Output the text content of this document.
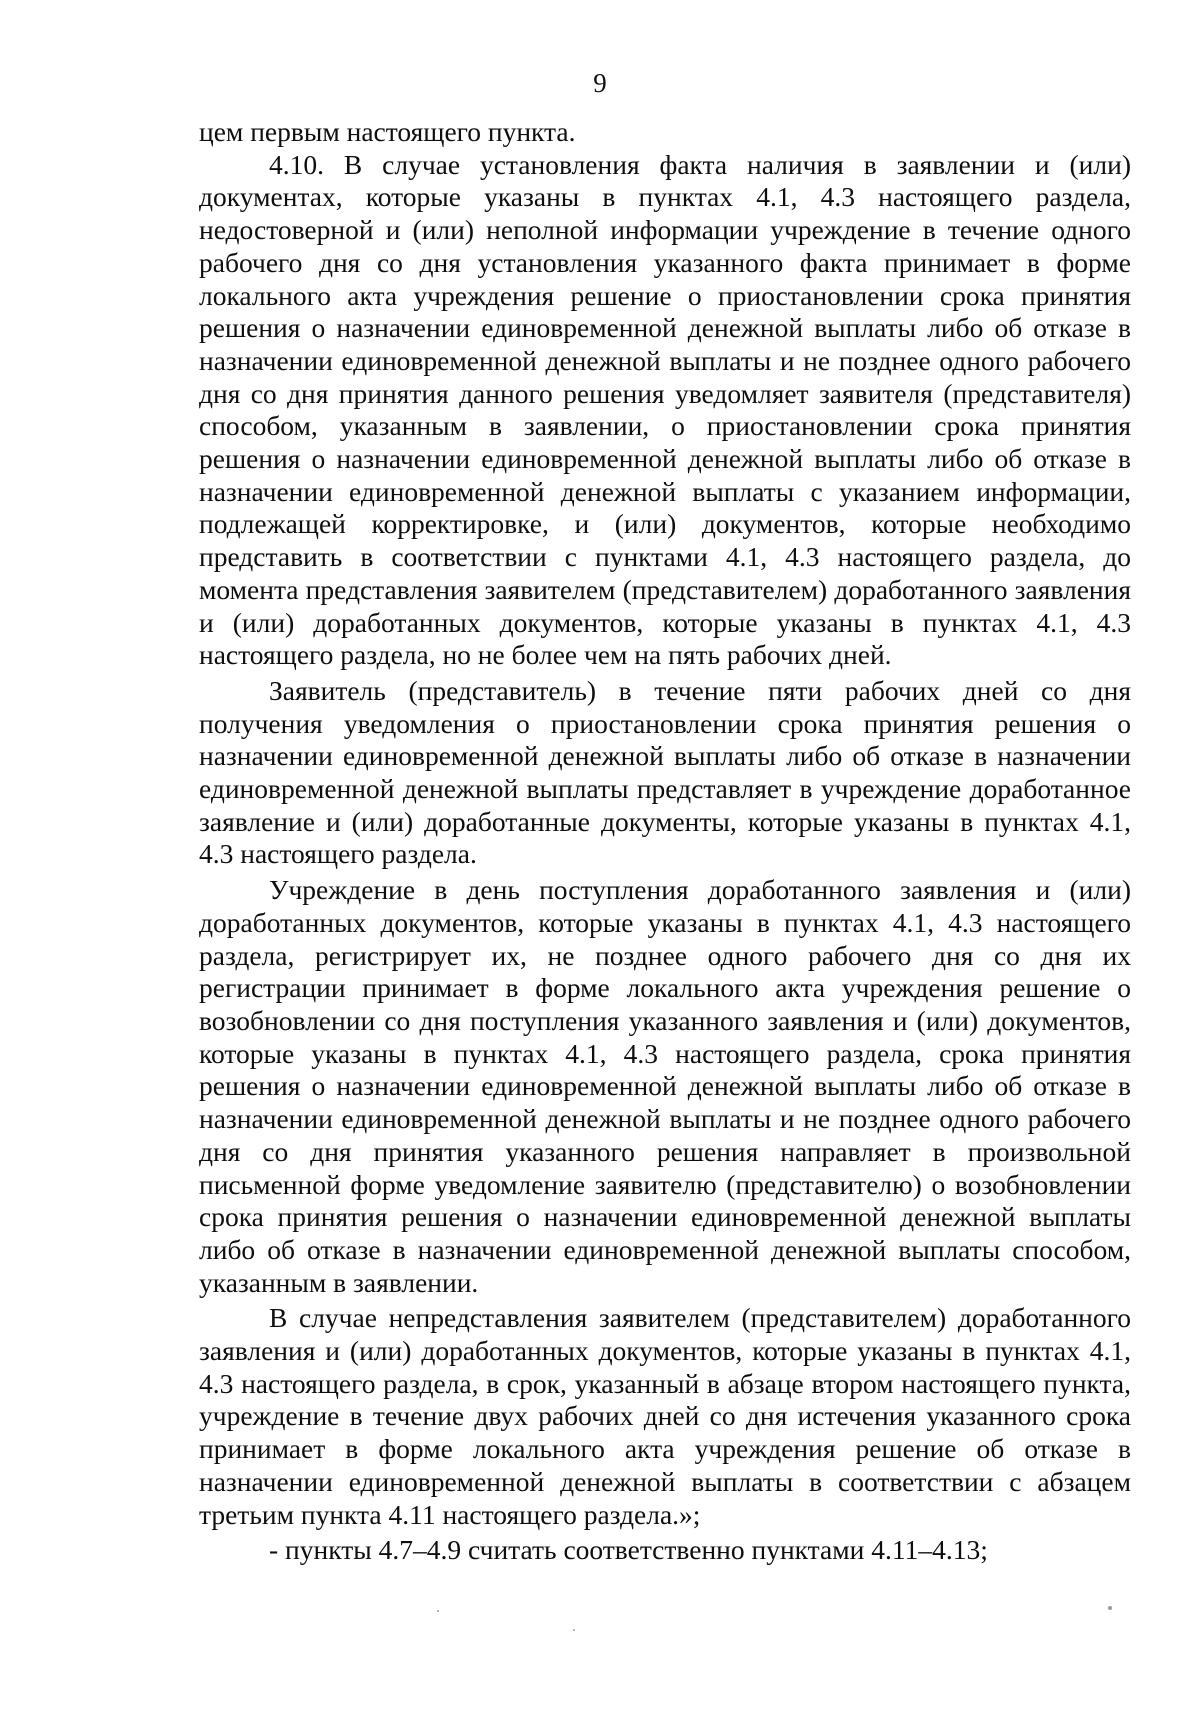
9

цем первым настоящего пункта.

4.10. В случае установления факта наличия в заявлении и (или) документах, которые указаны в пунктах 4.1, 4.3 настоящего раздела, недостоверной и (или) неполной информации учреждение в течение одного рабочего дня со дня установления указанного факта принимает в форме локального акта учреждения решение о приостановлении срока принятия решения о назначении единовременной денежной выплаты либо об отказе в назначении единовременной денежной выплаты и не позднее одного рабочего дня со дня принятия данного решения уведомляет заявителя (представителя) способом, указанным в заявлении, о приостановлении срока принятия решения о назначении единовременной денежной выплаты либо об отказе в назначении единовременной денежной выплаты с указанием информации, подлежащей корректировке, и (или) документов, которые необходимо представить в соответствии с пунктами 4.1, 4.3 настоящего раздела, до момента представления заявителем (представителем) доработанного заявления и (или) доработанных документов, которые указаны в пунктах 4.1, 4.3 настоящего раздела, но не более чем на пять рабочих дней.

Заявитель (представитель) в течение пяти рабочих дней со дня получения уведомления о приостановлении срока принятия решения о назначении единовременной денежной выплаты либо об отказе в назначении единовременной денежной выплаты представляет в учреждение доработанное заявление и (или) доработанные документы, которые указаны в пунктах 4.1, 4.3 настоящего раздела.

Учреждение в день поступления доработанного заявления и (или) доработанных документов, которые указаны в пунктах 4.1, 4.3 настоящего раздела, регистрирует их, не позднее одного рабочего дня со дня их регистрации принимает в форме локального акта учреждения решение о возобновлении со дня поступления указанного заявления и (или) документов, которые указаны в пунктах 4.1, 4.3 настоящего раздела, срока принятия решения о назначении единовременной денежной выплаты либо об отказе в назначении единовременной денежной выплаты и не позднее одного рабочего дня со дня принятия указанного решения направляет в произвольной письменной форме уведомление заявителю (представителю) о возобновлении срока принятия решения о назначении единовременной денежной выплаты либо об отказе в назначении единовременной денежной выплаты способом, указанным в заявлении.

В случае непредставления заявителем (представителем) доработанного заявления и (или) доработанных документов, которые указаны в пунктах 4.1, 4.3 настоящего раздела, в срок, указанный в абзаце втором настоящего пункта, учреждение в течение двух рабочих дней со дня истечения указанного срока принимает в форме локального акта учреждения решение об отказе в назначении единовременной денежной выплаты в соответствии с абзацем третьим пункта 4.11 настоящего раздела.»;

- пункты 4.7–4.9 считать соответственно пунктами 4.11–4.13;
